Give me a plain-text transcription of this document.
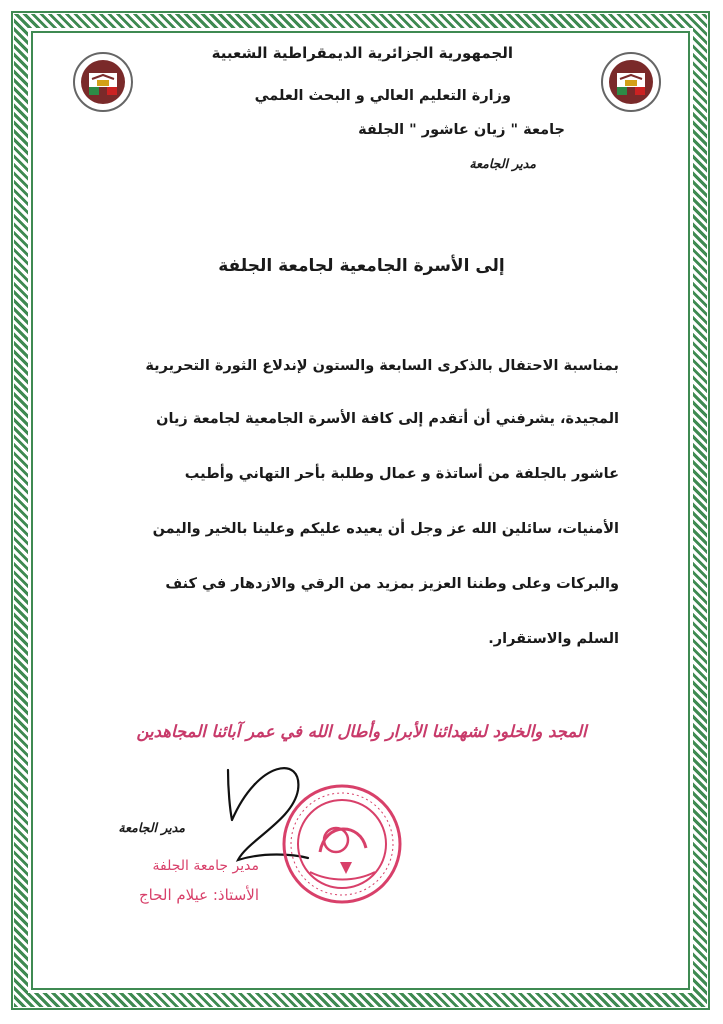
الجمهورية الجزائرية الديمقراطية الشعبية
وزارة التعليم العالي و البحث العلمي
جامعة " زيان عاشور " الجلفة
مدير الجامعة
إلى الأسرة الجامعية لجامعة الجلفة
بمناسبة الاحتفال بالذكرى السابعة والستون لإندلاع الثورة التحريرية
المجيدة، يشرفني أن أتقدم إلى كافة الأسرة الجامعية لجامعة زيان
عاشور بالجلفة من أساتذة و عمال وطلبة بأحر التهاني وأطيب
الأمنيات، سائلين الله عز وجل أن يعيده عليكم وعلينا بالخير واليمن
والبركات وعلى وطننا العزيز بمزيد من الرقي والازدهار في كنف
السلم والاستقرار.
المجد والخلود لشهدائنا الأبرار وأطال الله في عمر آبائنا المجاهدين
مدير الجامعة
مدير جامعة الجلفة
الأستاذ: عيلام الحاج
